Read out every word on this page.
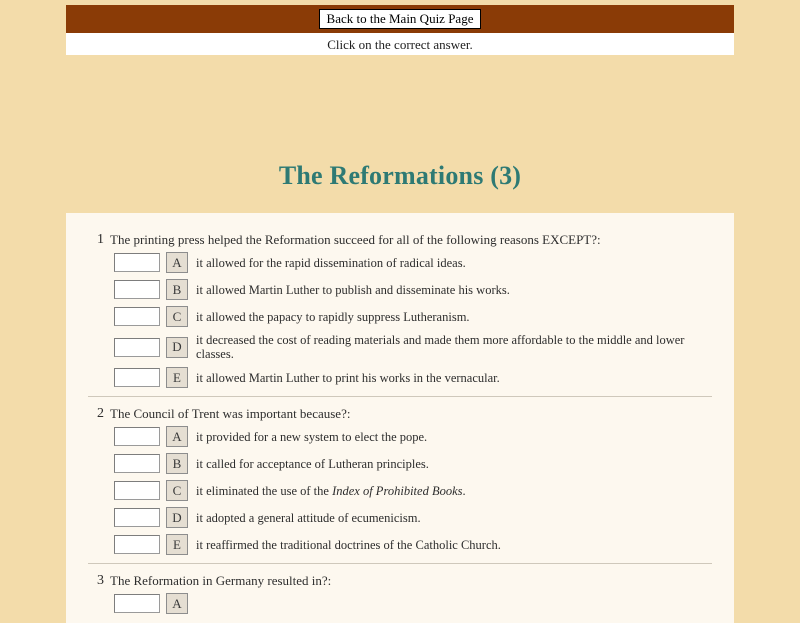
Back to the Main Quiz Page
Click on the correct answer.
The Reformations (3)
1 The printing press helped the Reformation succeed for all of the following reasons EXCEPT?:
A	it allowed for the rapid dissemination of radical ideas.
B	it allowed Martin Luther to publish and disseminate his works.
C	it allowed the papacy to rapidly suppress Lutheranism.
D	it decreased the cost of reading materials and made them more affordable to the middle and lower classes.
E	it allowed Martin Luther to print his works in the vernacular.
2 The Council of Trent was important because?:
A	it provided for a new system to elect the pope.
B	it called for acceptance of Lutheran principles.
C	it eliminated the use of the Index of Prohibited Books.
D	it adopted a general attitude of ecumenicism.
E	it reaffirmed the traditional doctrines of the Catholic Church.
3 The Reformation in Germany resulted in?:
A
